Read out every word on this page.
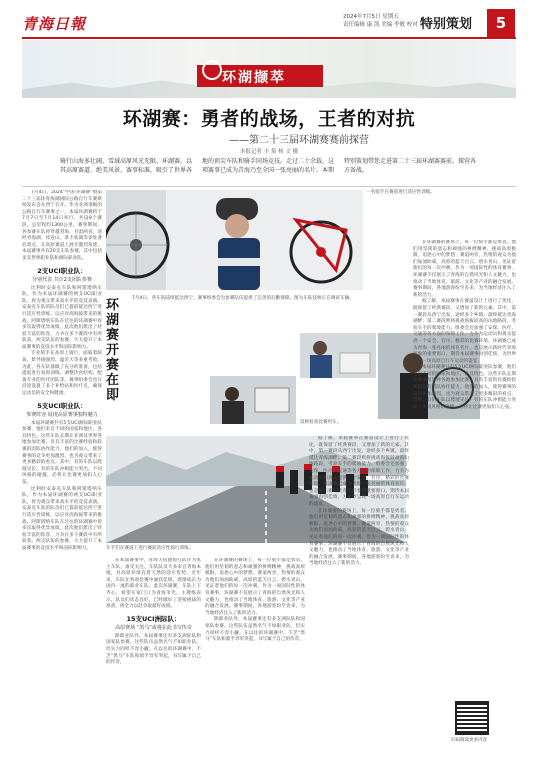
青海日報	2024年7月5日 星期五
责任编辑 康 凯 美编 李敏 校对 王涛
特别策划	5
环湖撷萃
环湖赛：勇者的战场，王者的对抗
——第二十三届环湖赛赛前探营
本报记者 丰 菊 杨 文 摄
骑行山海多壮阔，雪域高原风光无限。环湖赛，以其高原赛道、绝美风景、赛事标准，吸引了世界各地的顶尖车队和骑手同场竞技。走过二十余载，这项赛事已成为青海乃至全国一张亮丽的名片。本期特别策划带您走进第二十三届环湖赛赛前，探营各方备战。

7月4日，2024“中国·环湖赛”暨第二十三届环青海湖国际公路自行车赛新闻发布会在西宁召开。作为亚洲顶级的公路自行车赛事之一，本届环湖赛将于7月7日至7月14日举行，共设8个赛段，总里程约1300公里。赛事期间，各参赛车队将穿越青海、甘肃两省，途经青海湖、祁连山、茶卡盐湖等多处著名景点，在高原赛道上展开激烈角逐。本届赛事共有20支车队参赛，其中包括多支世界职业队和洲际职业队。

2支UCI职业队：
分别代表 共计2支团队参赛

比利时安泰克车队和阿斯塔纳车队，作为本届环湖赛的两支UCI职业队，将为观众带来高水平的竞技表演。安泰克车队的队员们已提前抵达西宁进行适应性训练，以应对高海拔带来的挑战。阿斯塔纳车队在过往的环湖赛中曾多次取得优异成绩，此次他们派出了经验丰富的阵容，力争在多个赛段中有所斩获。两支队伍的参赛，大大提升了本届赛事的竞技水平和国际影响力。

专业骑手在高原上骑行，面临着缺氧、紫外线强烈、温差大等多重考验。为此，各车队都做了充分的准备，包括提前进行高原训练、调整饮食结构、配备专业的医疗团队等。赛事组委会也在沿途设置了多个补给站和医疗点，确保运动员的安全和健康。

5支UCI职业队：
参赛阵容 展现高原赛事独特魅力

本届环湖赛共有5支UCI洲际职业队参赛，他们来自不同的国家和地区，各具特色。这些车队长期在亚洲及世界各地参加比赛，具有丰富的比赛经验和较强的团队协作能力。他们的加入，使得赛事的竞争更加激烈，也为观众带来了更多精彩的看点。其中，有的车队以爬坡见长，有的车队冲刺能力突出，不同风格的碰撞，必将让比赛更加扣人心弦。

比利时安泰克车队和阿斯塔纳车队，作为本届环湖赛的两支UCI职业队，将为观众带来高水平的竞技表演。安泰克车队的队员们已提前抵达西宁进行适应性训练，以应对高海拔带来的挑战。阿斯塔纳车队在过往的环湖赛中曾多次取得优异成绩，此次他们派出了经验丰富的阵容，力争在多个赛段中有所斩获。两支队伍的参赛，大大提升了本届赛事的竞技水平和国际影响力。

一名骑手在赛前进行适应性训练。
环湖赛开赛在即
7月4日，各车队陆续抵达西宁。赛事组委会为参赛队伍提供了完善的后勤保障。图为车队技师正在调试车辆。
技师检查比赛用车。
车手们在赛道上进行赛前适应性骑行训练。

在本届赛事中，青海天佑德骑行队作为本土车队，备受关注。车队队员大多来自青海本地，对高原环境有着天然的适应优势。近年来，车队在各项比赛中屡获佳绩，逐渐成长为国内一流的职业车队。此次环湖赛，车队上下齐心，希望在家门口为青海争光。主教练表示，队员们状态良好，已经做好了迎接挑战的准备，将全力以赴争取最好成绩。

15支UCI洲际队：
高原赛场 “黑马”或将在此书写传奇

除职业队外，本届赛事还有多支洲际队和国家队参赛。这些队伍虽然名气不如职业队，但实力同样不容小觑。在以往的环湖赛中，不乏“黑马”车队和骑手异军突起，书写属于自己的传奇。

在环湖赛的赛场上，每一位骑手都是勇者。他们用坚韧的意志和顽强的拼搏精神，挑战高原极限，追逐心中的梦想。赛道两旁，热情的观众为他们加油助威，高原的蓝天白云、碧水青山，见证着他们的每一次冲刺。作为一项国际性的体育赛事，环湖赛不仅展示了青海的自然风光和人文魅力，也推动了当地体育、旅游、文化等产业的融合发展。赛事期间，各地游客纷至沓来，为当地经济注入了新的活力。

除职业队外，本届赛事还有多支洲际队和国家队参赛。这些队伍虽然名气不如职业队，但实力同样不容小觑。在以往的环湖赛中，不乏“黑马”车队和骑手异军突起，书写属于自己的传奇。

据了解，本届赛事在赛道设计上进行了优化，既保留了经典赛段，又增加了新的元素。其中，第一赛段从西宁出发，途经多个乡镇，最终抵达青海湖畔；第二赛段则将挑战海拔较高的山地路段，考验车手的爬坡能力。组委会还加强了安保、医疗、交通等各方面的保障工作，力争为运动员和观众提供一个安全、有序、精彩的比赛环境。环湖赛已成为青海一张亮丽的体育名片，也是展示新时代青海形象的重要窗口。期待本届赛事再创佳绩，为世界呈现一场高原自行车运动的盛宴。

在环湖赛的赛场上，每一位骑手都是勇者。他们用坚韧的意志和顽强的拼搏精神，挑战高原极限，追逐心中的梦想。赛道两旁，热情的观众为他们加油助威，高原的蓝天白云、碧水青山，见证着他们的每一次冲刺。作为一项国际性的体育赛事，环湖赛不仅展示了青海的自然风光和人文魅力，也推动了当地体育、旅游、文化等产业的融合发展。赛事期间，各地游客纷至沓来，为当地经济注入了新的活力。

在环湖赛的赛场上，每一位骑手都是勇者。他们用坚韧的意志和顽强的拼搏精神，挑战高原极限，追逐心中的梦想。赛道两旁，热情的观众为他们加油助威，高原的蓝天白云、碧水青山，见证着他们的每一次冲刺。作为一项国际性的体育赛事，环湖赛不仅展示了青海的自然风光和人文魅力，也推动了当地体育、旅游、文化等产业的融合发展。赛事期间，各地游客纷至沓来，为当地经济注入了新的活力。

据了解，本届赛事在赛道设计上进行了优化，既保留了经典赛段，又增加了新的元素。其中，第一赛段从西宁出发，途经多个乡镇，最终抵达青海湖畔；第二赛段则将挑战海拔较高的山地路段，考验车手的爬坡能力。组委会还加强了安保、医疗、交通等各方面的保障工作，力争为运动员和观众提供一个安全、有序、精彩的比赛环境。环湖赛已成为青海一张亮丽的体育名片，也是展示新时代青海形象的重要窗口。期待本届赛事再创佳绩，为世界呈现一场高原自行车运动的盛宴。

本届环湖赛共有5支UCI洲际职业队参赛，他们来自不同的国家和地区，各具特色。这些车队长期在亚洲及世界各地参加比赛，具有丰富的比赛经验和较强的团队协作能力。他们的加入，使得赛事的竞争更加激烈，也为观众带来了更多精彩的看点。其中，有的车队以爬坡见长，有的车队冲刺能力突出，不同风格的碰撞，必将让比赛更加扣人心弦。

扫码阅读更多内容
